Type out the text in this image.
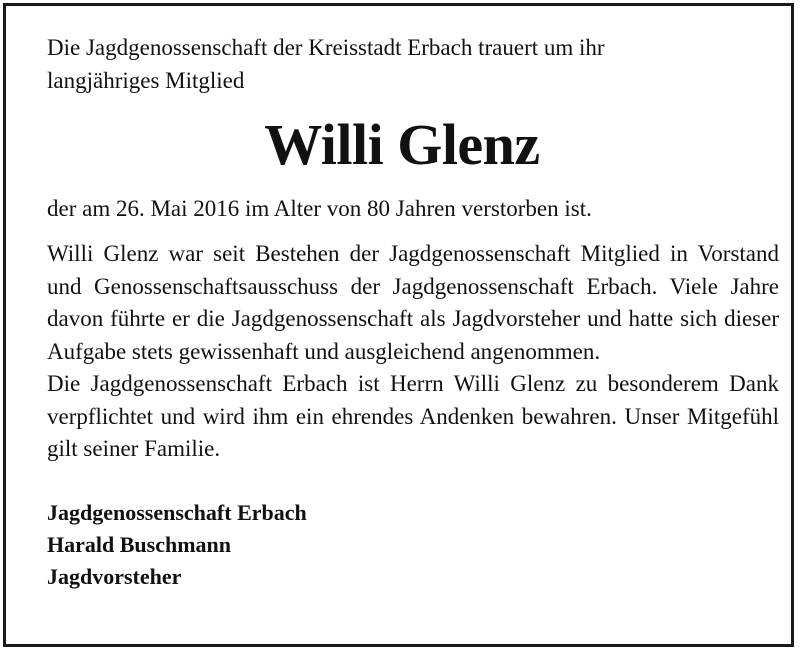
Die Jagdgenossenschaft der Kreisstadt Erbach trauert um ihr langjähriges Mitglied

Willi Glenz

der am 26. Mai 2016 im Alter von 80 Jahren verstorben ist.

Willi Glenz war seit Bestehen der Jagdgenossenschaft Mitglied in Vorstand und Genossenschaftsausschuss der Jagdgenossenschaft Erbach. Viele Jahre davon führte er die Jagdgenossenschaft als Jagdvorsteher und hatte sich dieser Aufgabe stets gewissenhaft und ausgleichend angenommen.

Die Jagdgenossenschaft Erbach ist Herrn Willi Glenz zu besonderem Dank verpflichtet und wird ihm ein ehrendes Andenken bewahren. Unser Mitgefühl gilt seiner Familie.

Jagdgenossenschaft Erbach

Harald Buschmann

Jagdvorsteher
